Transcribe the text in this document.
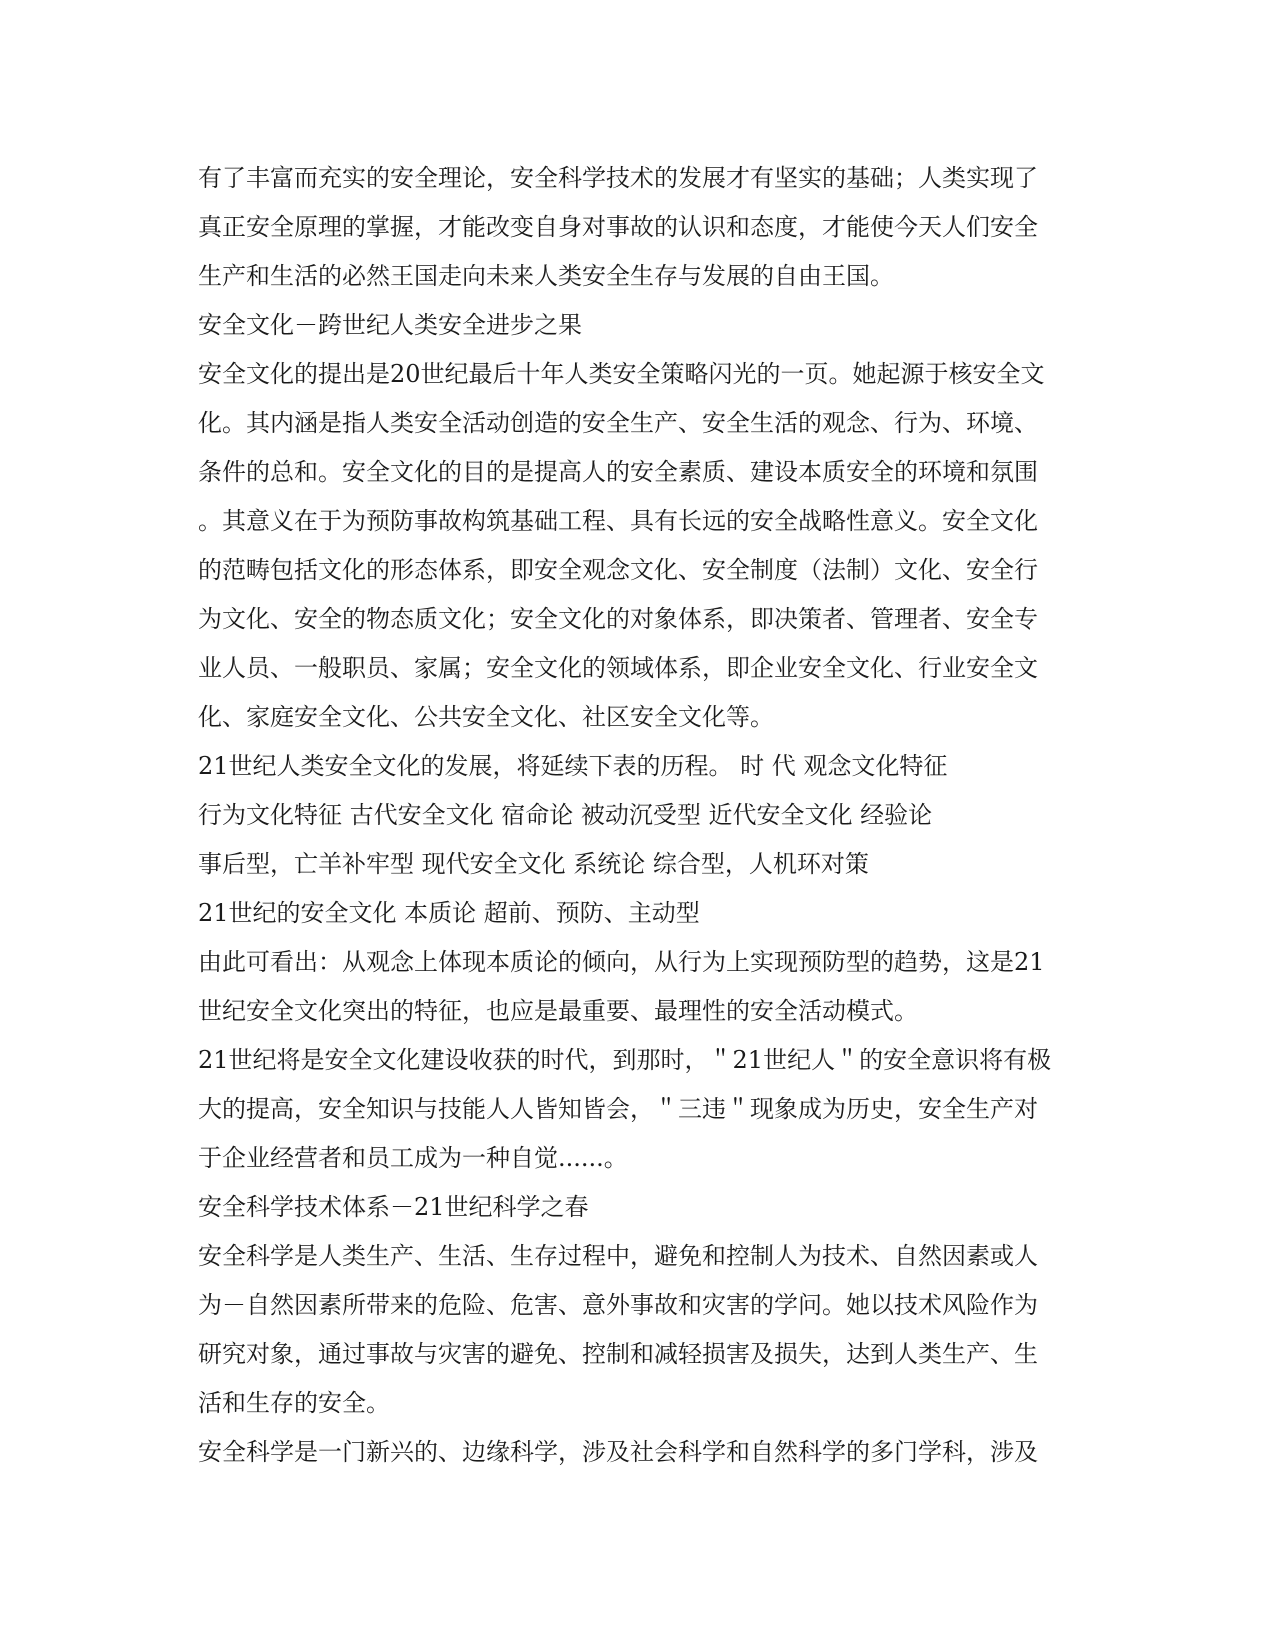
有了丰富而充实的安全理论，安全科学技术的发展才有坚实的基础；人类实现了
真正安全原理的掌握，才能改变自身对事故的认识和态度，才能使今天人们安全
生产和生活的必然王国走向未来人类安全生存与发展的自由王国。
安全文化－跨世纪人类安全进步之果
安全文化的提出是20世纪最后十年人类安全策略闪光的一页。她起源于核安全文
化。其内涵是指人类安全活动创造的安全生产、安全生活的观念、行为、环境、
条件的总和。安全文化的目的是提高人的安全素质、建设本质安全的环境和氛围
。其意义在于为预防事故构筑基础工程、具有长远的安全战略性意义。安全文化
的范畴包括文化的形态体系，即安全观念文化、安全制度（法制）文化、安全行
为文化、安全的物态质文化；安全文化的对象体系，即决策者、管理者、安全专
业人员、一般职员、家属；安全文化的领域体系，即企业安全文化、行业安全文
化、家庭安全文化、公共安全文化、社区安全文化等。
21世纪人类安全文化的发展，将延续下表的历程。 时 代 观念文化特征
行为文化特征 古代安全文化 宿命论 被动沉受型 近代安全文化 经验论
事后型，亡羊补牢型 现代安全文化 系统论 综合型，人机环对策
21世纪的安全文化 本质论 超前、预防、主动型
由此可看出：从观念上体现本质论的倾向，从行为上实现预防型的趋势，这是21
世纪安全文化突出的特征，也应是最重要、最理性的安全活动模式。
21世纪将是安全文化建设收获的时代，到那时，＂21世纪人＂的安全意识将有极
大的提高，安全知识与技能人人皆知皆会，＂三违＂现象成为历史，安全生产对
于企业经营者和员工成为一种自觉......。
安全科学技术体系－21世纪科学之春
安全科学是人类生产、生活、生存过程中，避免和控制人为技术、自然因素或人
为－自然因素所带来的危险、危害、意外事故和灾害的学问。她以技术风险作为
研究对象，通过事故与灾害的避免、控制和减轻损害及损失，达到人类生产、生
活和生存的安全。
安全科学是一门新兴的、边缘科学，涉及社会科学和自然科学的多门学科，涉及
